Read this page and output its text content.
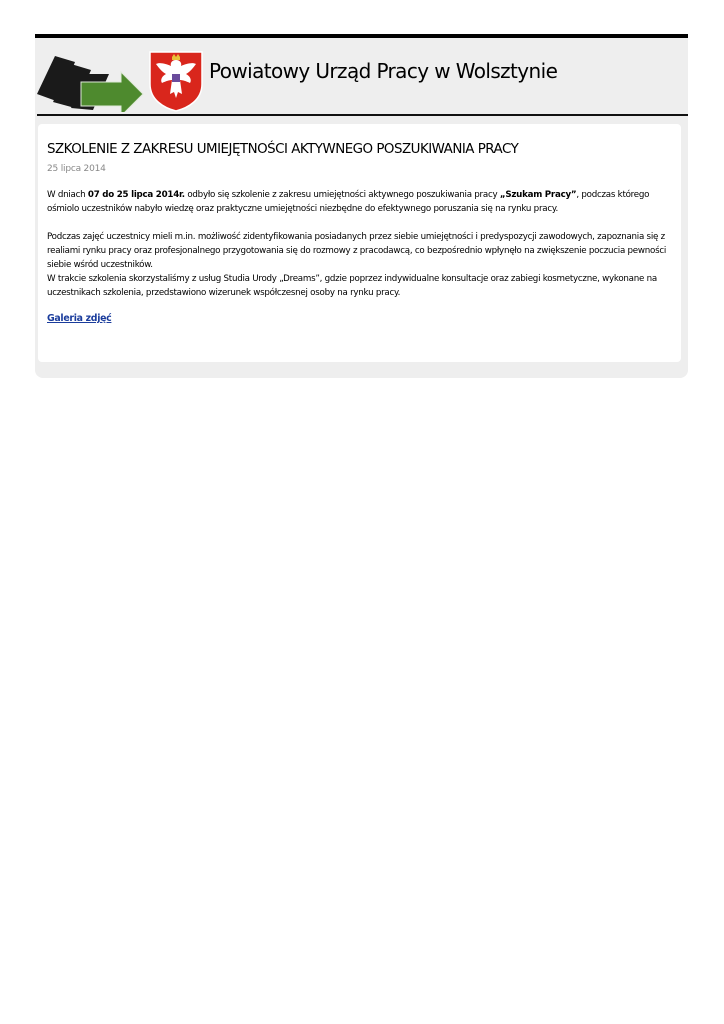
Powiatowy Urząd Pracy w Wolsztynie
SZKOLENIE Z ZAKRESU UMIEJĘTNOŚCI AKTYWNEGO POSZUKIWANIA PRACY
25 lipca 2014

W dniach 07 do 25 lipca 2014r. odbyło się szkolenie z zakresu umiejętności aktywnego poszukiwania pracy „Szukam Pracy”, podczas którego ośmiolo uczestników nabyło wiedzę oraz praktyczne umiejętności niezbędne do efektywnego poruszania się na rynku pracy.

Podczas zajęć uczestnicy mieli m.in. możliwość zidentyfikowania posiadanych przez siebie umiejętności i predyspozycji zawodowych, zapoznania się z realiami rynku pracy oraz profesjonalnego przygotowania się do rozmowy z pracodawcą, co bezpośrednio wpłynęło na zwiększenie poczucia pewności siebie wśród uczestników.

W trakcie szkolenia skorzystaliśmy z usług Studia Urody „Dreams”, gdzie poprzez indywidualne konsultacje oraz zabiegi kosmetyczne, wykonane na uczestnikach szkolenia, przedstawiono wizerunek współczesnej osoby na rynku pracy.

Galeria zdjęć
